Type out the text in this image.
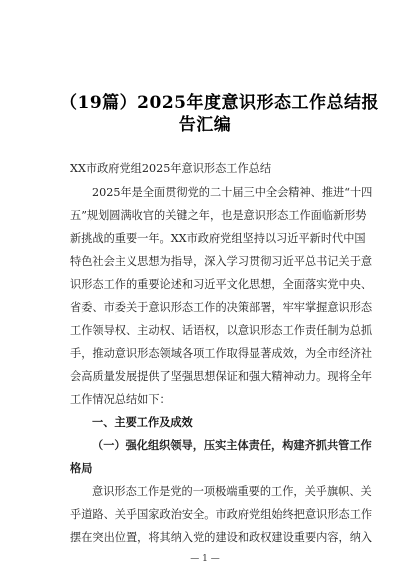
（19篇）2025年度意识形态工作总结报
告汇编
XX市政府党组2025年意识形态工作总结
2025年是全面贯彻党的二十届三中全会精神、推进“十四
五”规划圆满收官的关键之年，也是意识形态工作面临新形势
新挑战的重要一年。XX市政府党组坚持以习近平新时代中国
特色社会主义思想为指导，深入学习贯彻习近平总书记关于意
识形态工作的重要论述和习近平文化思想，全面落实党中央、
省委、市委关于意识形态工作的决策部署，牢牢掌握意识形态
工作领导权、主动权、话语权，以意识形态工作责任制为总抓
手，推动意识形态领域各项工作取得显著成效，为全市经济社
会高质量发展提供了坚强思想保证和强大精神动力。现将全年
工作情况总结如下：
一、主要工作及成效
（一）强化组织领导，压实主体责任，构建齐抓共管工作
格局
意识形态工作是党的一项极端重要的工作，关乎旗帜、关
乎道路、关乎国家政治安全。市政府党组始终把意识形态工作
摆在突出位置，将其纳入党的建设和政权建设重要内容，纳入
— 1 —
